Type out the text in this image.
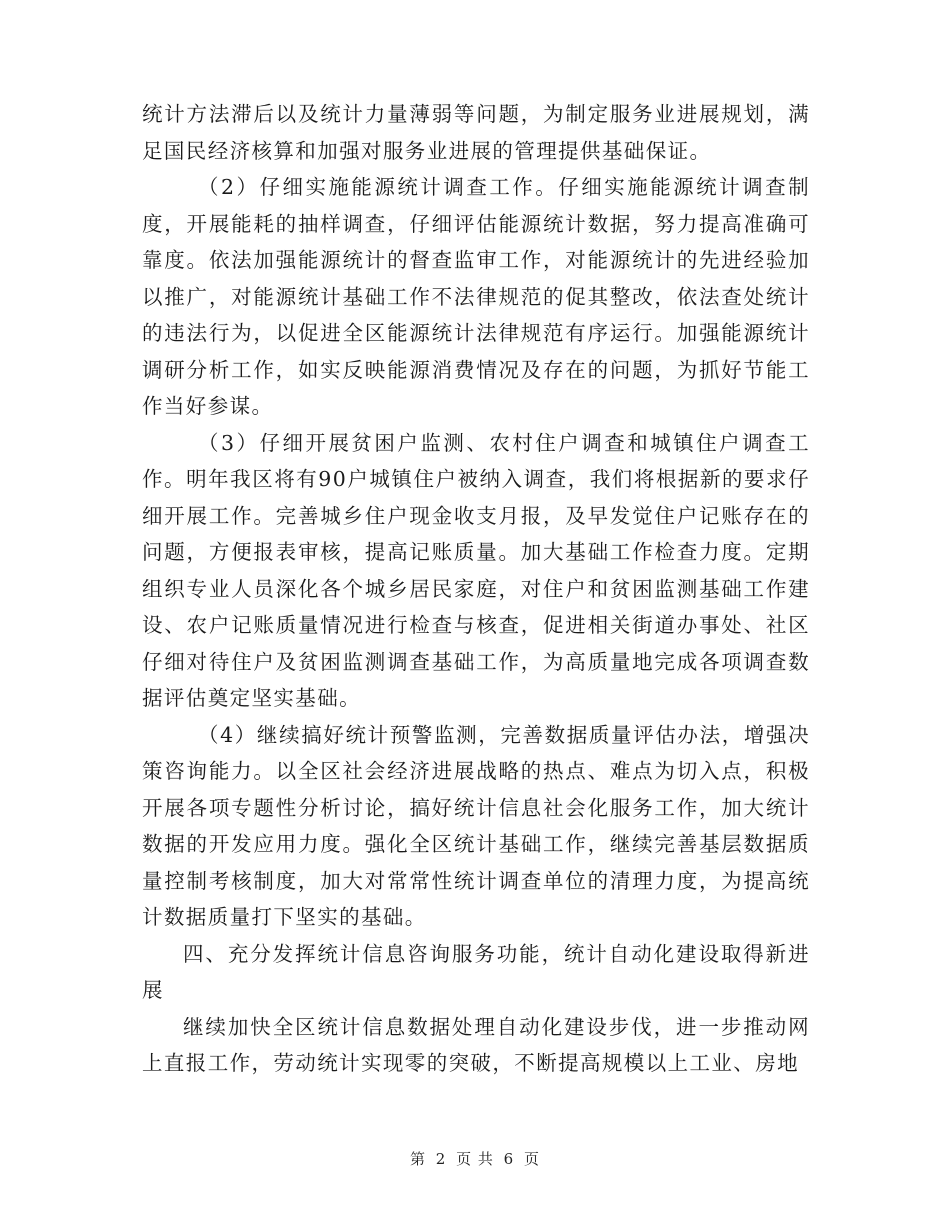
统计方法滞后以及统计力量薄弱等问题，为制定服务业进展规划，满足国民经济核算和加强对服务业进展的管理提供基础保证。

（2）仔细实施能源统计调查工作。仔细实施能源统计调查制度，开展能耗的抽样调查，仔细评估能源统计数据，努力提高准确可靠度。依法加强能源统计的督查监审工作，对能源统计的先进经验加以推广，对能源统计基础工作不法律规范的促其整改，依法查处统计的违法行为，以促进全区能源统计法律规范有序运行。加强能源统计调研分析工作，如实反映能源消费情况及存在的问题，为抓好节能工作当好参谋。

（3）仔细开展贫困户监测、农村住户调查和城镇住户调查工作。明年我区将有90户城镇住户被纳入调查，我们将根据新的要求仔细开展工作。完善城乡住户现金收支月报，及早发觉住户记账存在的问题，方便报表审核，提高记账质量。加大基础工作检查力度。定期组织专业人员深化各个城乡居民家庭，对住户和贫困监测基础工作建设、农户记账质量情况进行检查与核查，促进相关街道办事处、社区仔细对待住户及贫困监测调查基础工作，为高质量地完成各项调查数据评估奠定坚实基础。

（4）继续搞好统计预警监测，完善数据质量评估办法，增强决策咨询能力。以全区社会经济进展战略的热点、难点为切入点，积极开展各项专题性分析讨论，搞好统计信息社会化服务工作，加大统计数据的开发应用力度。强化全区统计基础工作，继续完善基层数据质量控制考核制度，加大对常常性统计调查单位的清理力度，为提高统计数据质量打下坚实的基础。

四、充分发挥统计信息咨询服务功能，统计自动化建设取得新进展

继续加快全区统计信息数据处理自动化建设步伐，进一步推动网上直报工作，劳动统计实现零的突破，不断提高规模以上工业、房地

第 2 页 共 6 页
